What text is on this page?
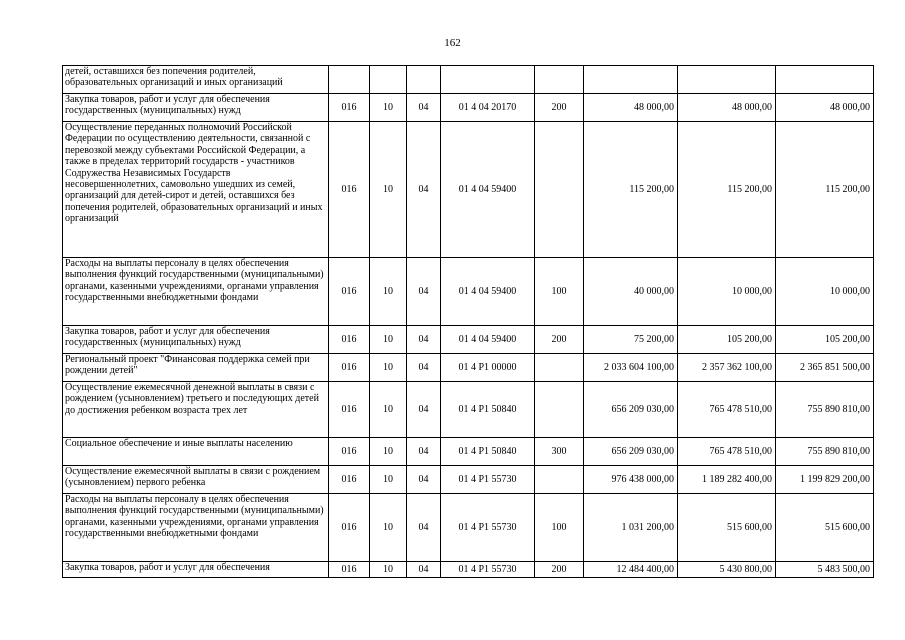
162
детей, оставшихся без попечения родителей, образовательных организаций и иных организаций								
Закупка товаров, работ и услуг для обеспечения государственных (муниципальных) нужд	016	10	04	01 4 04 20170	200	48 000,00	48 000,00	48 000,00
Осуществление переданных полномочий Российской Федерации по осуществлению деятельности, связанной с перевозкой между субъектами Российской Федерации, а также в пределах территорий государств - участников Содружества Независимых Государств несовершеннолетних, самовольно ушедших из семей, организаций для детей-сирот и детей, оставшихся без попечения родителей, образовательных организаций и иных организаций	016	10	04	01 4 04 59400		115 200,00	115 200,00	115 200,00
Расходы на выплаты персоналу в целях обеспечения выполнения функций государственными (муниципальными) органами, казенными учреждениями, органами управления государственными внебюджетными фондами	016	10	04	01 4 04 59400	100	40 000,00	10 000,00	10 000,00
Закупка товаров, работ и услуг для обеспечения государственных (муниципальных) нужд	016	10	04	01 4 04 59400	200	75 200,00	105 200,00	105 200,00
Региональный проект "Финансовая поддержка семей при рождении детей"	016	10	04	01 4 P1 00000		2 033 604 100,00	2 357 362 100,00	2 365 851 500,00
Осуществление ежемесячной денежной выплаты в связи с рождением (усыновлением) третьего и последующих детей до достижения ребенком возраста трех лет	016	10	04	01 4 P1 50840		656 209 030,00	765 478 510,00	755 890 810,00
Социальное обеспечение и иные выплаты населению	016	10	04	01 4 P1 50840	300	656 209 030,00	765 478 510,00	755 890 810,00
Осуществление ежемесячной выплаты в связи с рождением (усыновлением) первого ребенка	016	10	04	01 4 P1 55730		976 438 000,00	1 189 282 400,00	1 199 829 200,00
Расходы на выплаты персоналу в целях обеспечения выполнения функций государственными (муниципальными) органами, казенными учреждениями, органами управления государственными внебюджетными фондами	016	10	04	01 4 P1 55730	100	1 031 200,00	515 600,00	515 600,00
Закупка товаров, работ и услуг для обеспечения	016	10	04	01 4 P1 55730	200	12 484 400,00	5 430 800,00	5 483 500,00
